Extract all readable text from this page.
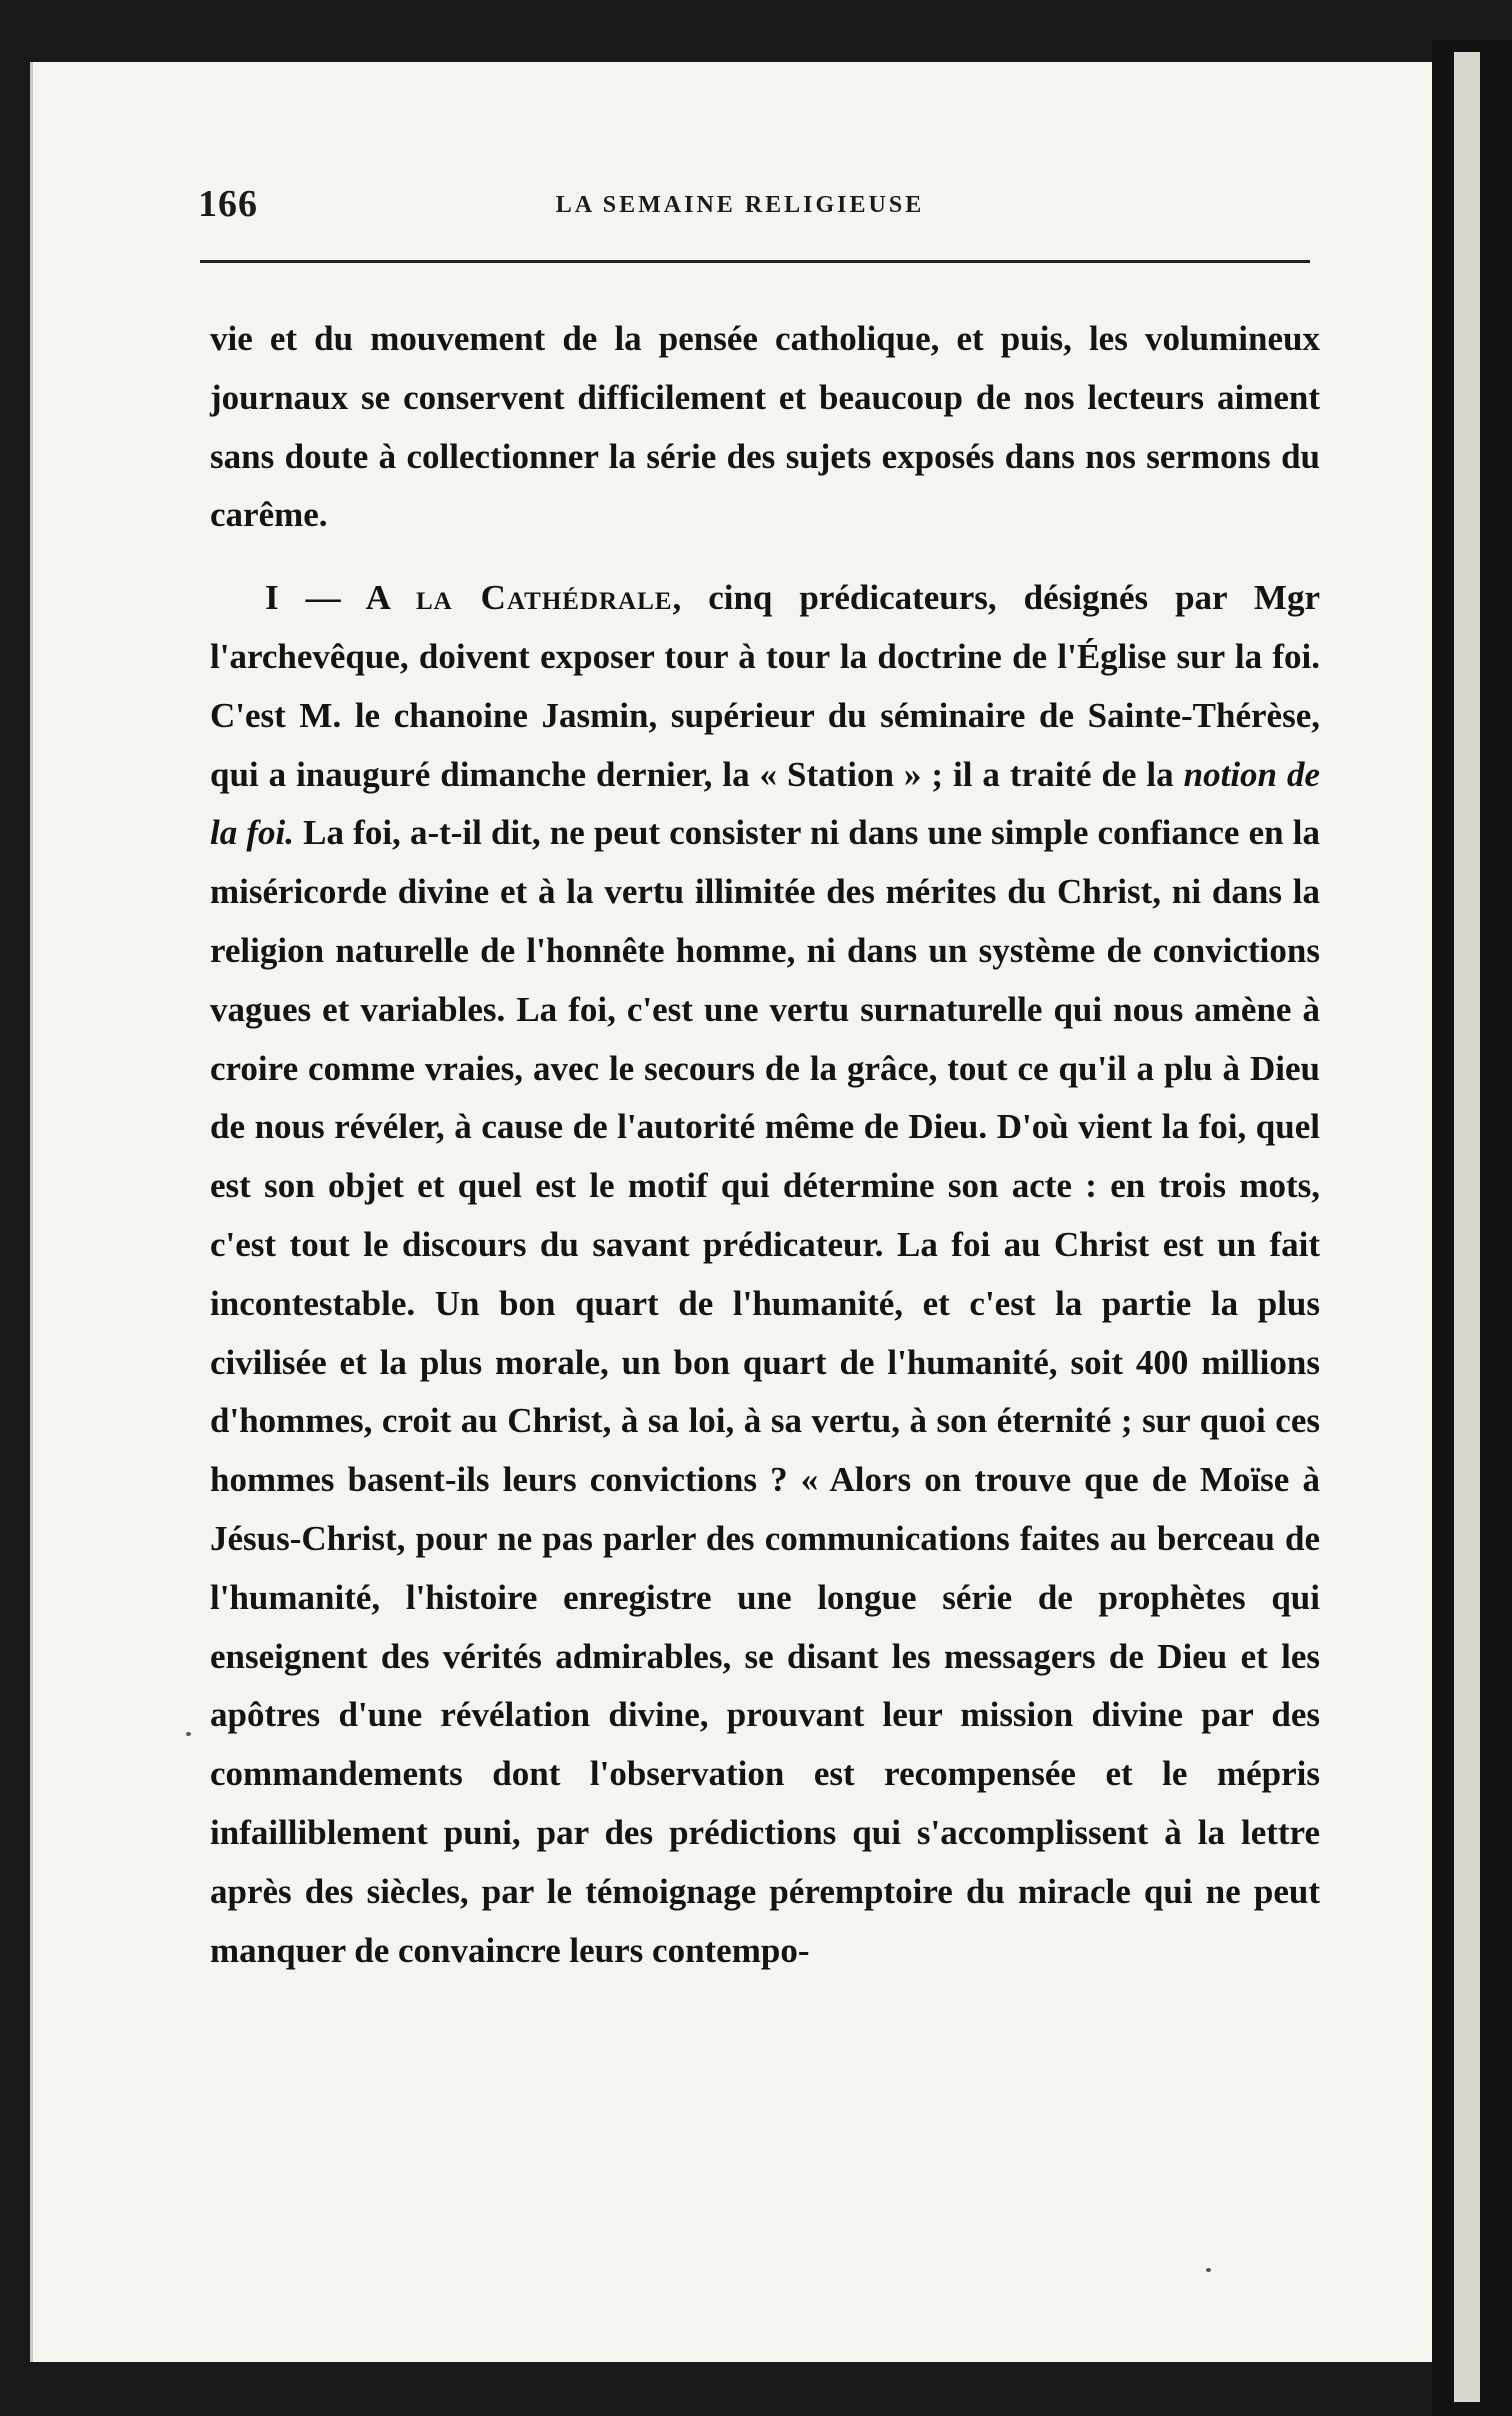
166	LA SEMAINE RELIGIEUSE

vie et du mouvement de la pensée catholique, et puis, les volumineux journaux se conservent difficilement et beaucoup de nos lecteurs aiment sans doute à collectionner la série des sujets exposés dans nos sermons du carême.

I — A la Cathédrale, cinq prédicateurs, désignés par Mgr l'archevêque, doivent exposer tour à tour la doctrine de l'Église sur la foi. C'est M. le chanoine Jasmin, supérieur du séminaire de Sainte-Thérèse, qui a inauguré dimanche dernier, la « Station » ; il a traité de la notion de la foi. La foi, a-t-il dit, ne peut consister ni dans une simple confiance en la miséricorde divine et à la vertu illimitée des mérites du Christ, ni dans la religion naturelle de l'honnête homme, ni dans un système de convictions vagues et variables. La foi, c'est une vertu surnaturelle qui nous amène à croire comme vraies, avec le secours de la grâce, tout ce qu'il a plu à Dieu de nous révéler, à cause de l'autorité même de Dieu. D'où vient la foi, quel est son objet et quel est le motif qui détermine son acte : en trois mots, c'est tout le discours du savant prédicateur. La foi au Christ est un fait incontestable. Un bon quart de l'humanité, et c'est la partie la plus civilisée et la plus morale, un bon quart de l'humanité, soit 400 millions d'hommes, croit au Christ, à sa loi, à sa vertu, à son éternité ; sur quoi ces hommes basent-ils leurs convictions ? « Alors on trouve que de Moïse à Jésus-Christ, pour ne pas parler des communications faites au berceau de l'humanité, l'histoire enregistre une longue série de prophètes qui enseignent des vérités admirables, se disant les messagers de Dieu et les apôtres d'une révélation divine, prouvant leur mission divine par des commandements dont l'observation est recompensée et le mépris infailliblement puni, par des prédictions qui s'accomplissent à la lettre après des siècles, par le témoignage péremptoire du miracle qui ne peut manquer de convaincre leurs contempo-
